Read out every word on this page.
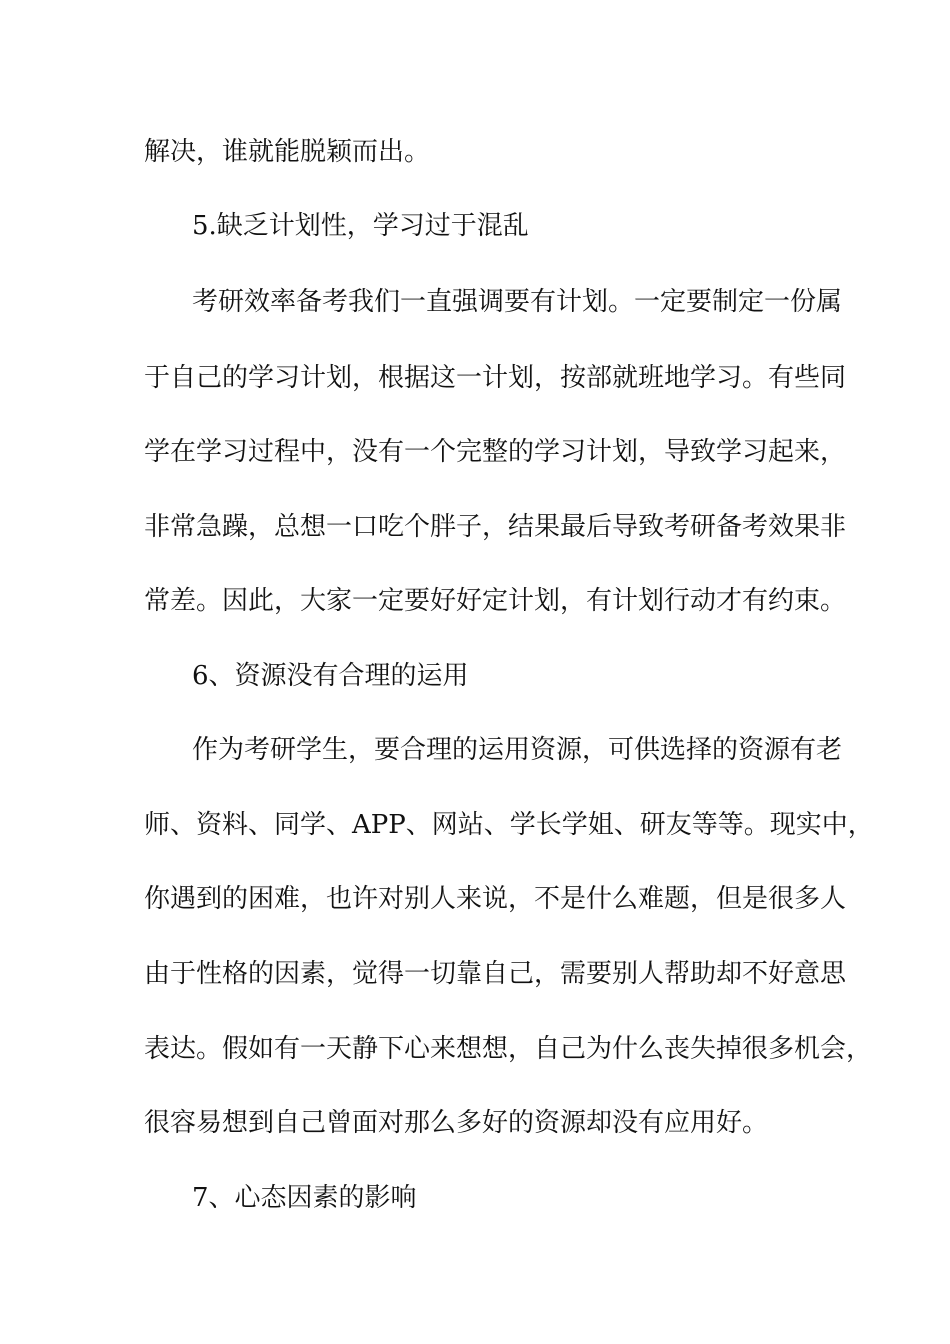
解决，谁就能脱颖而出。
5.缺乏计划性，学习过于混乱
考研效率备考我们一直强调要有计划。一定要制定一份属
于自己的学习计划，根据这一计划，按部就班地学习。有些同
学在学习过程中，没有一个完整的学习计划，导致学习起来，
非常急躁，总想一口吃个胖子，结果最后导致考研备考效果非
常差。因此，大家一定要好好定计划，有计划行动才有约束。
6、资源没有合理的运用
作为考研学生，要合理的运用资源，可供选择的资源有老
师、资料、同学、APP、网站、学长学姐、研友等等。现实中，
你遇到的困难，也许对别人来说，不是什么难题，但是很多人
由于性格的因素，觉得一切靠自己，需要别人帮助却不好意思
表达。假如有一天静下心来想想，自己为什么丧失掉很多机会，
很容易想到自己曾面对那么多好的资源却没有应用好。
7、心态因素的影响
